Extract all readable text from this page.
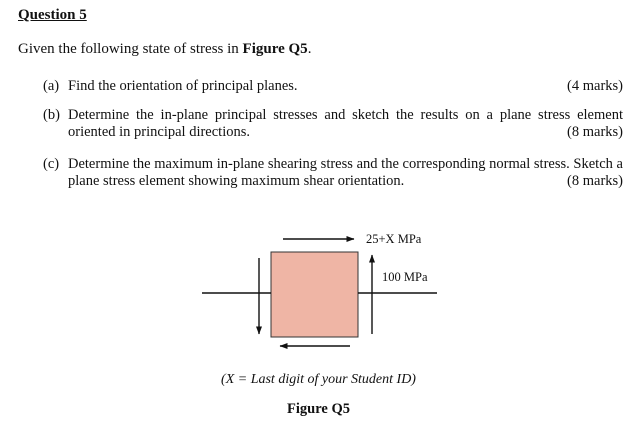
Question 5
Given the following state of stress in Figure Q5.
(a) Find the orientation of principal planes.	(4 marks)
(b) Determine the in-plane principal stresses and sketch the results on a plane stress element
oriented in principal directions.	(8 marks)
(c) Determine the maximum in-plane shearing stress and the corresponding normal stress. Sketch a
plane stress element showing maximum shear orientation.	(8 marks)
25+X MPa
100 MPa
(X = Last digit of your Student ID)
Figure Q5
